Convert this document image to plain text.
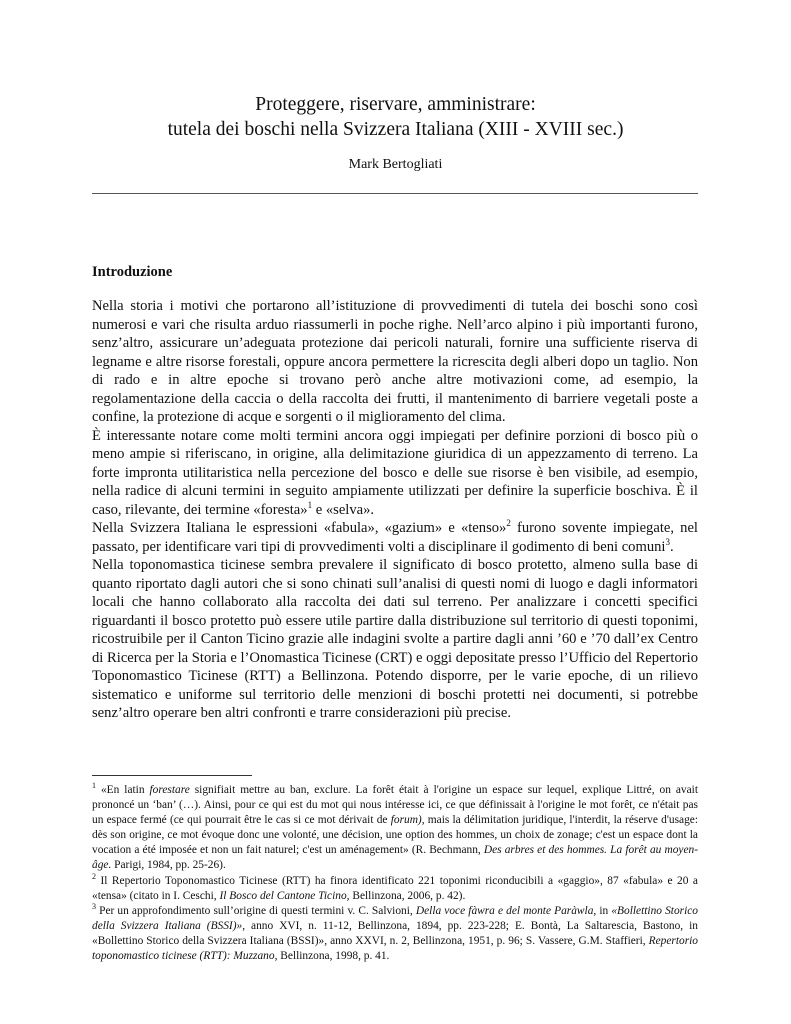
Proteggere, riservare, amministrare:
tutela dei boschi nella Svizzera Italiana (XIII - XVIII sec.)
Mark Bertogliati
Introduzione

Nella storia i motivi che portarono all’istituzione di provvedimenti di tutela dei boschi sono così numerosi e vari che risulta arduo riassumerli in poche righe. Nell’arco alpino i più importanti furono, senz’altro, assicurare un’adeguata protezione dai pericoli naturali, fornire una sufficiente riserva di legname e altre risorse forestali, oppure ancora permettere la ricrescita degli alberi dopo un taglio. Non di rado e in altre epoche si trovano però anche altre motivazioni come, ad esempio, la regolamentazione della caccia o della raccolta dei frutti, il mantenimento di barriere vegetali poste a confine, la protezione di acque e sorgenti o il miglioramento del clima.

È interessante notare come molti termini ancora oggi impiegati per definire porzioni di bosco più o meno ampie si riferiscano, in origine, alla delimitazione giuridica di un appezzamento di terreno. La forte impronta utilitaristica nella percezione del bosco e delle sue risorse è ben visibile, ad esempio, nella radice di alcuni termini in seguito ampiamente utilizzati per definire la superficie boschiva. È il caso, rilevante, dei termine «foresta»$^1$ e «selva».

Nella Svizzera Italiana le espressioni «fabula», «gazium» e «tenso»$^2$ furono sovente impiegate, nel passato, per identificare vari tipi di provvedimenti volti a disciplinare il godimento di beni comuni$^3$.

Nella toponomastica ticinese sembra prevalere il significato di bosco protetto, almeno sulla base di quanto riportato dagli autori che si sono chinati sull’analisi di questi nomi di luogo e dagli informatori locali che hanno collaborato alla raccolta dei dati sul terreno. Per analizzare i concetti specifici riguardanti il bosco protetto può essere utile partire dalla distribuzione sul territorio di questi toponimi, ricostruibile per il Canton Ticino grazie alle indagini svolte a partire dagli anni ’60 e ’70 dall’ex Centro di Ricerca per la Storia e l’Onomastica Ticinese (CRT) e oggi depositate presso l’Ufficio del Repertorio Toponomastico Ticinese (RTT) a Bellinzona. Potendo disporre, per le varie epoche, di un rilievo sistematico e uniforme sul territorio delle menzioni di boschi protetti nei documenti, si potrebbe senz’altro operare ben altri confronti e trarre considerazioni più precise.

$^1$ «En latin forestare signifiait mettre au ban, exclure. La forêt était à l'origine un espace sur lequel, explique Littré, on avait prononcé un ‘ban’ (…). Ainsi, pour ce qui est du mot qui nous intéresse ici, ce que définissait à l'origine le mot forêt, ce n'était pas un espace fermé (ce qui pourrait être le cas si ce mot dérivait de forum), mais la délimitation juridique, l'interdit, la réserve d'usage: dès son origine, ce mot évoque donc une volonté, une décision, une option des hommes, un choix de zonage; c'est un espace dont la vocation a été imposée et non un fait naturel; c'est un aménagement» (R. Bechmann, Des arbres et des hommes. La forêt au moyen-âge. Parigi, 1984, pp. 25-26).

$^2$ Il Repertorio Toponomastico Ticinese (RTT) ha finora identificato 221 toponimi riconducibili a «gaggio», 87 «fabula» e 20 a «tensa» (citato in I. Ceschi, Il Bosco del Cantone Ticino, Bellinzona, 2006, p. 42).

$^3$ Per un approfondimento sull’origine di questi termini v. C. Salvioni, Della voce fàwra e del monte Paràwla, in «Bollettino Storico della Svizzera Italiana (BSSI)», anno XVI, n. 11-12, Bellinzona, 1894, pp. 223-228; E. Bontà, La Saltarescia, Bastono, in «Bollettino Storico della Svizzera Italiana (BSSI)», anno XXVI, n. 2, Bellinzona, 1951, p. 96; S. Vassere, G.M. Staffieri, Repertorio toponomastico ticinese (RTT): Muzzano, Bellinzona, 1998, p. 41.
